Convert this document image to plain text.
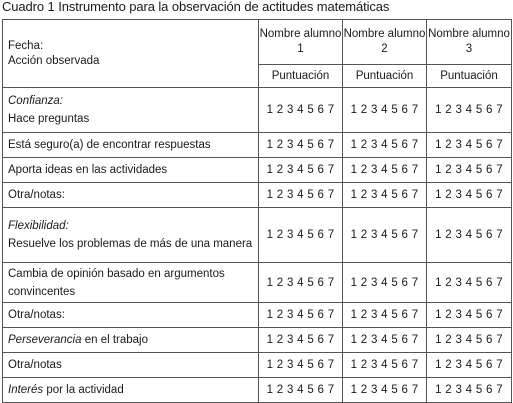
Cuadro 1 Instrumento para la observación de actitudes matemáticas
Fecha:
Acción observada	Nombre alumno 1	Nombre alumno 2	Nombre alumno 3
	Puntuación	Puntuación	Puntuación

Confianza:
Hace preguntas	1 2 3 4 5 6 7	1 2 3 4 5 6 7	1 2 3 4 5 6 7
Está seguro(a) de encontrar respuestas	1 2 3 4 5 6 7	1 2 3 4 5 6 7	1 2 3 4 5 6 7
Aporta ideas en las actividades	1 2 3 4 5 6 7	1 2 3 4 5 6 7	1 2 3 4 5 6 7
Otra/notas:	1 2 3 4 5 6 7	1 2 3 4 5 6 7	1 2 3 4 5 6 7

Flexibilidad:
Resuelve los problemas de más de una manera	1 2 3 4 5 6 7	1 2 3 4 5 6 7	1 2 3 4 5 6 7
Cambia de opinión basado en argumentos convincentes	1 2 3 4 5 6 7	1 2 3 4 5 6 7	1 2 3 4 5 6 7
Otra/notas:	1 2 3 4 5 6 7	1 2 3 4 5 6 7	1 2 3 4 5 6 7
Perseverancia en el trabajo	1 2 3 4 5 6 7	1 2 3 4 5 6 7	1 2 3 4 5 6 7
Otra/notas	1 2 3 4 5 6 7	1 2 3 4 5 6 7	1 2 3 4 5 6 7
Interés por la actividad	1 2 3 4 5 6 7	1 2 3 4 5 6 7	1 2 3 4 5 6 7
